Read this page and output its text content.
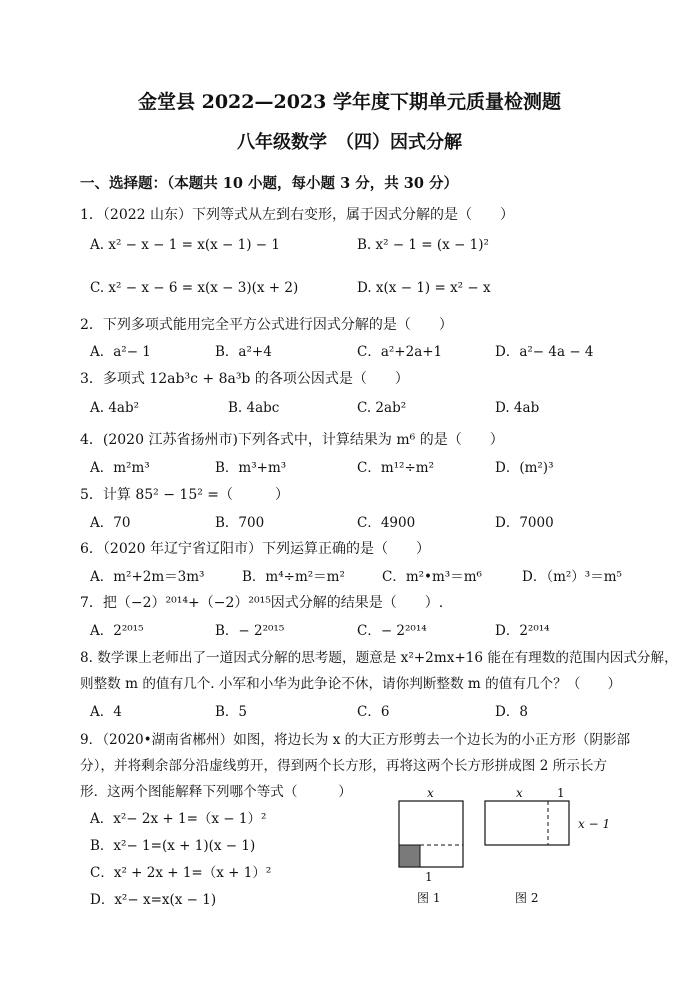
金堂县 2022—2023 学年度下期单元质量检测题
八年级数学　（四）因式分解
一、选择题：（本题共 10 小题，每小题 3 分，共 30 分）
1．（2022 山东）下列等式从左到右变形，属于因式分解的是（　　）
A. x² − x − 1 = x(x − 1) − 1	B. x² − 1 = (x − 1)²
C. x² − x − 6 = x(x − 3)(x + 2)	D. x(x − 1) = x² − x
2．下列多项式能用完全平方公式进行因式分解的是（　　）
A．a²− 1	B．a²+4	C．a²+2a+1	D．a²− 4a − 4
3．多项式 12ab³c + 8a³b 的各项公因式是（　　）
A. 4ab²	B. 4abc	C. 2ab²	D. 4ab
4．(2020 江苏省扬州市)下列各式中，计算结果为 m⁶ 的是（　　）
A．m²m³	B．m³+m³	C．m¹²÷m²	D．(m²)³
5．计算 85² − 15² =（　　　）
A．70	B．700	C．4900	D．7000
6．（2020 年辽宁省辽阳市）下列运算正确的是（　　）
A．m²+2m＝3m³	B．m⁴÷m²＝m²	C．m²•m³＝m⁶	D．（m²）³＝m⁵
7．把（−2）²⁰¹⁴+（−2）²⁰¹⁵因式分解的结果是（　　）.
A．2²⁰¹⁵	B．− 2²⁰¹⁵	C．− 2²⁰¹⁴	D．2²⁰¹⁴
8. 数学课上老师出了一道因式分解的思考题，题意是 x²+2mx+16 能在有理数的范围内因式分解，
则整数 m 的值有几个. 小军和小华为此争论不休，请你判断整数 m 的值有几个？（　　）
A．4	B．5	C．6	D．8
9．（2020•湖南省郴州）如图，将边长为 x 的大正方形剪去一个边长为的小正方形（阴影部
分），并将剩余部分沿虚线剪开，得到两个长方形，再将这两个长方形拼成图 2 所示长方
形．这两个图能解释下列哪个等式（　　　）
A．x²− 2x + 1=（x − 1）²
B．x²− 1=(x + 1)(x − 1)
C．x² + 2x + 1=（x + 1）²
D．x²− x=x(x − 1)
x
1
图 1
x	1
x − 1
图 2
